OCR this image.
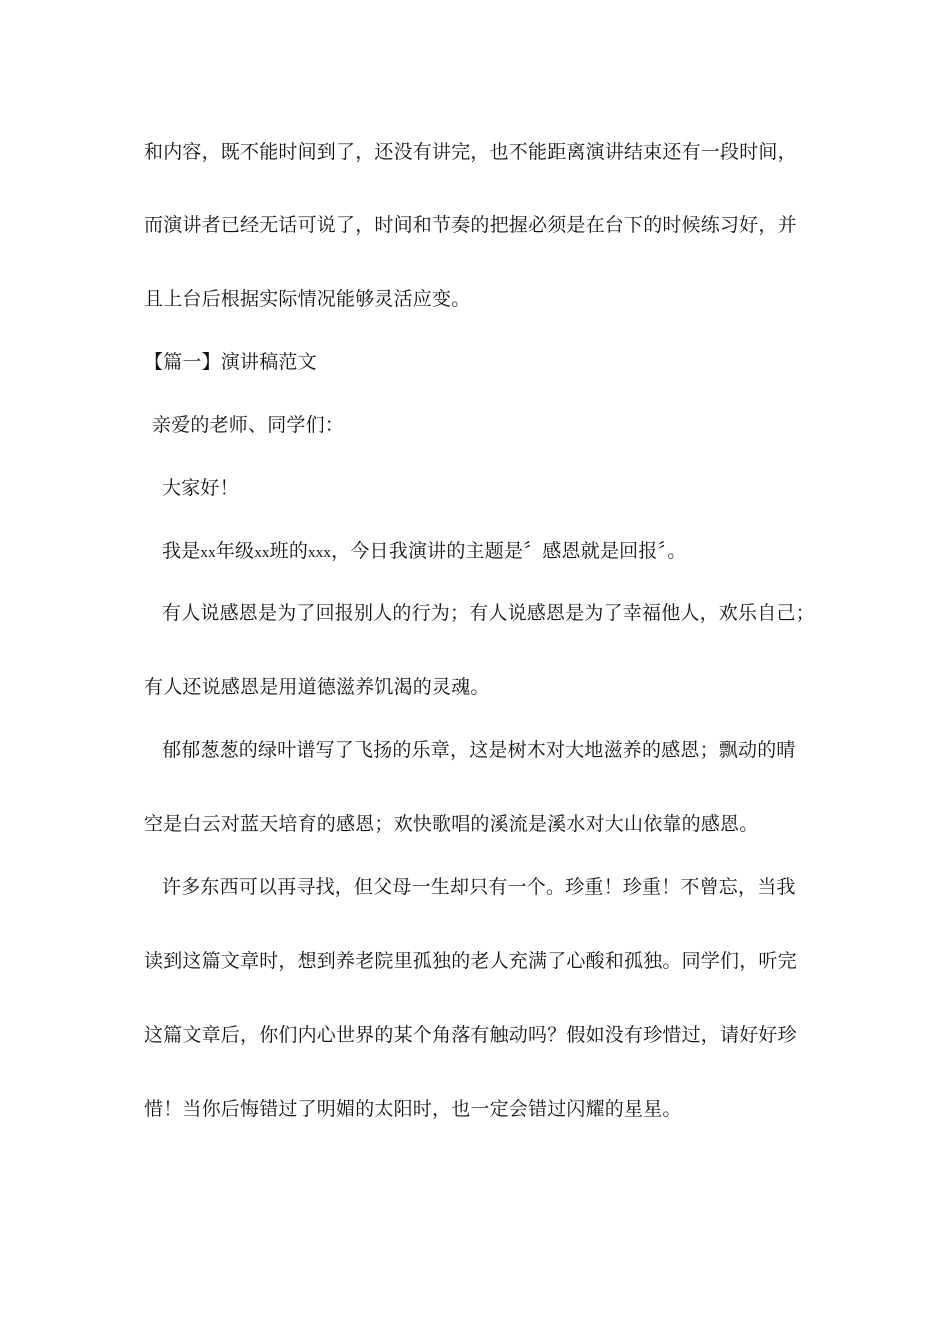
和内容，既不能时间到了，还没有讲完，也不能距离演讲结束还有一段时间，
而演讲者已经无话可说了，时间和节奏的把握必须是在台下的时候练习好，并
且上台后根据实际情况能够灵活应变。
【篇一】演讲稿范文
亲爱的老师、同学们：
大家好！
我是xx年级xx班的xxx，今日我演讲的主题是〞感恩就是回报〞。
有人说感恩是为了回报别人的行为；有人说感恩是为了幸福他人，欢乐自己；
有人还说感恩是用道德滋养饥渴的灵魂。
郁郁葱葱的绿叶谱写了飞扬的乐章，这是树木对大地滋养的感恩；飘动的晴
空是白云对蓝天培育的感恩；欢快歌唱的溪流是溪水对大山依靠的感恩。
许多东西可以再寻找，但父母一生却只有一个。珍重！珍重！不曾忘，当我
读到这篇文章时，想到养老院里孤独的老人充满了心酸和孤独。同学们，听完
这篇文章后，你们内心世界的某个角落有触动吗？假如没有珍惜过，请好好珍
惜！当你后悔错过了明媚的太阳时，也一定会错过闪耀的星星。
